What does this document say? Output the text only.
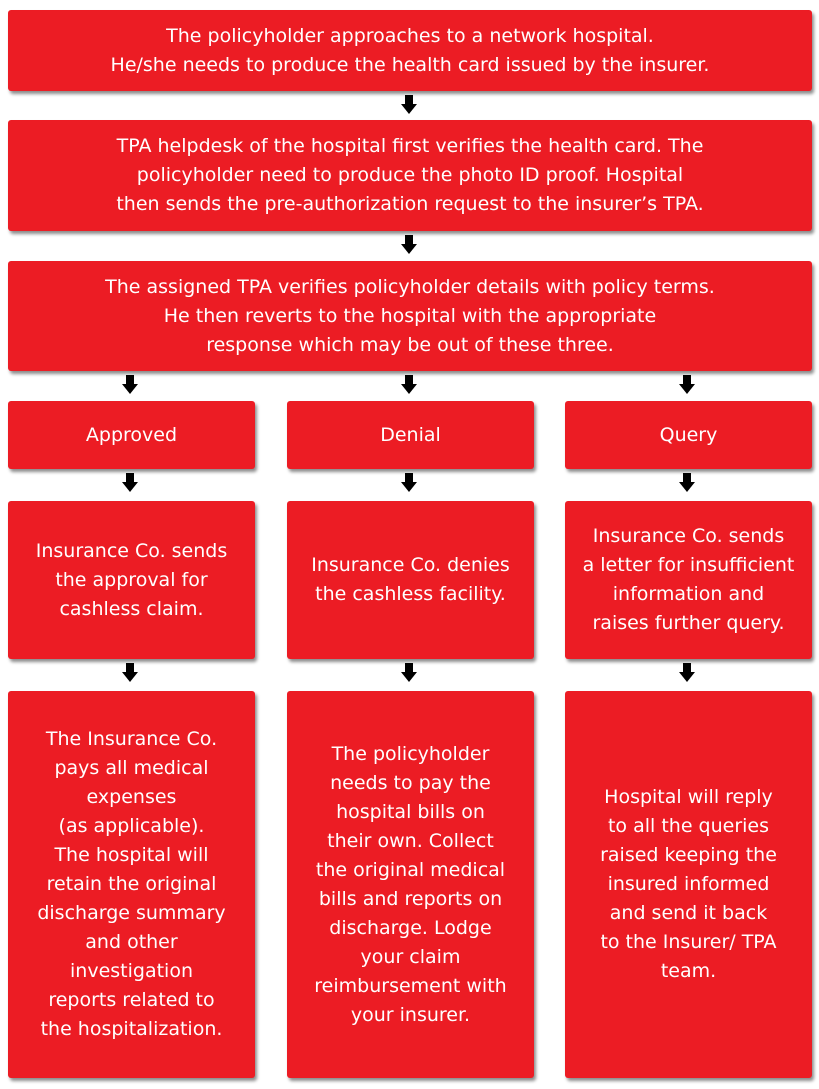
The policyholder approaches to a network hospital.
He/she needs to produce the health card issued by the insurer.
TPA helpdesk of the hospital first verifies the health card. The
policyholder need to produce the photo ID proof. Hospital
then sends the pre-authorization request to the insurer’s TPA.
The assigned TPA verifies policyholder details with policy terms.
He then reverts to the hospital with the appropriate
response which may be out of these three.
Approved	Denial	Query
Insurance Co. sends
the approval for
cashless claim.
Insurance Co. denies
the cashless facility.
Insurance Co. sends
a letter for insufficient
information and
raises further query.
The Insurance Co.
pays all medical
expenses
(as applicable).
The hospital will
retain the original
discharge summary
and other
investigation
reports related to
the hospitalization.
The policyholder
needs to pay the
hospital bills on
their own. Collect
the original medical
bills and reports on
discharge. Lodge
your claim
reimbursement with
your insurer.
Hospital will reply
to all the queries
raised keeping the
insured informed
and send it back
to the Insurer/ TPA
team.
